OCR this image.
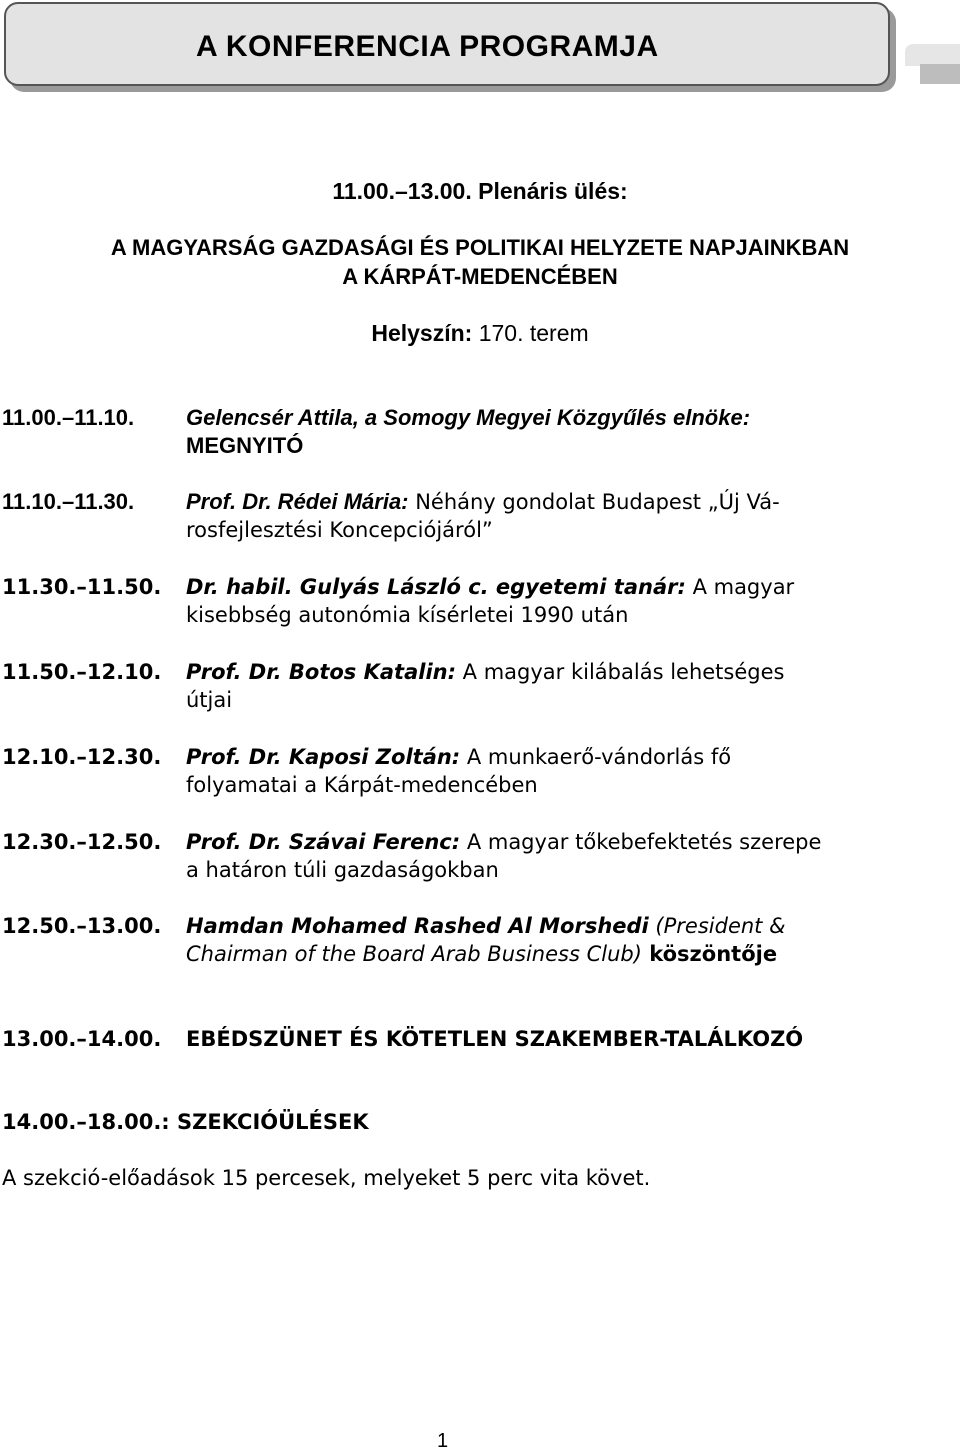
A KONFERENCIA PROGRAMJA
11.00.–13.00. Plenáris ülés:
A MAGYARSÁG GAZDASÁGI ÉS POLITIKAI HELYZETE NAPJAINKBAN
A KÁRPÁT-MEDENCÉBEN
Helyszín: 170. terem
11.00.–11.10. Gelencsér Attila, a Somogy Megyei Közgyűlés elnöke:
MEGNYITÓ
11.10.–11.30. Prof. Dr. Rédei Mária: Néhány gondolat Budapest „Új Vá-
rosfejlesztési Koncepciójáról”
11.30.–11.50. Dr. habil. Gulyás László c. egyetemi tanár: A magyar
kisebbség autonómia kísérletei 1990 után
11.50.–12.10. Prof. Dr. Botos Katalin: A magyar kilábalás lehetséges
útjai
12.10.–12.30. Prof. Dr. Kaposi Zoltán: A munkaerő-vándorlás fő
folyamatai a Kárpát-medencében
12.30.–12.50. Prof. Dr. Szávai Ferenc: A magyar tőkebefektetés szerepe
a határon túli gazdaságokban
12.50.–13.00. Hamdan Mohamed Rashed Al Morshedi (President &
Chairman of the Board Arab Business Club) köszöntője
13.00.–14.00. EBÉDSZÜNET ÉS KÖTETLEN SZAKEMBER-TALÁLKOZÓ
14.00.–18.00.: SZEKCIÓÜLÉSEK
A szekció-előadások 15 percesek, melyeket 5 perc vita követ.
1
